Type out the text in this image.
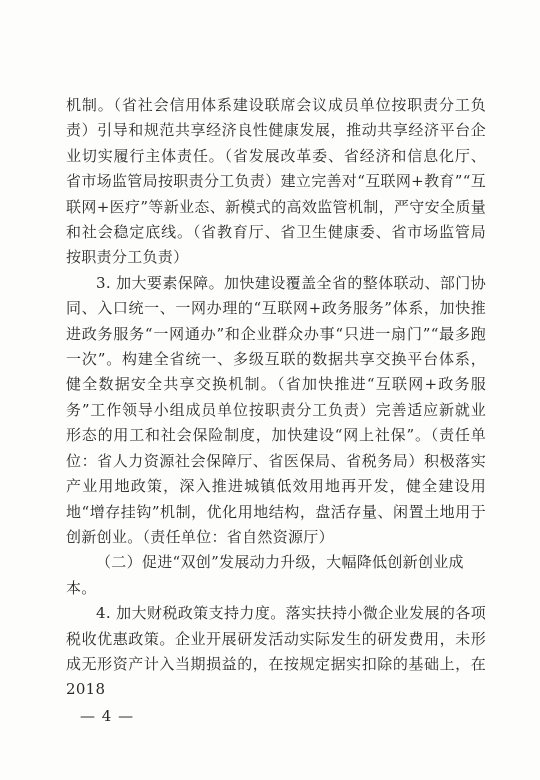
机制。（省社会信用体系建设联席会议成员单位按职责分工负责）引导和规范共享经济良性健康发展，推动共享经济平台企业切实履行主体责任。（省发展改革委、省经济和信息化厅、省市场监管局按职责分工负责）建立完善对“互联网+教育”“互联网+医疗”等新业态、新模式的高效监管机制，严守安全质量和社会稳定底线。（省教育厅、省卫生健康委、省市场监管局按职责分工负责）

3. 加大要素保障。加快建设覆盖全省的整体联动、部门协同、入口统一、一网办理的“互联网+政务服务”体系，加快推进政务服务“一网通办”和企业群众办事“只进一扇门”“最多跑一次”。构建全省统一、多级互联的数据共享交换平台体系，健全数据安全共享交换机制。（省加快推进“互联网+政务服务”工作领导小组成员单位按职责分工负责）完善适应新就业形态的用工和社会保险制度，加快建设“网上社保”。（责任单位：省人力资源社会保障厅、省医保局、省税务局）积极落实产业用地政策，深入推进城镇低效用地再开发，健全建设用地“增存挂钩”机制，优化用地结构，盘活存量、闲置土地用于创新创业。（责任单位：省自然资源厅）

（二）促进“双创”发展动力升级，大幅降低创新创业成本。

4. 加大财税政策支持力度。落实扶持小微企业发展的各项税收优惠政策。企业开展研发活动实际发生的研发费用，未形成无形资产计入当期损益的，在按规定据实扣除的基础上，在 2018

— 4 —
